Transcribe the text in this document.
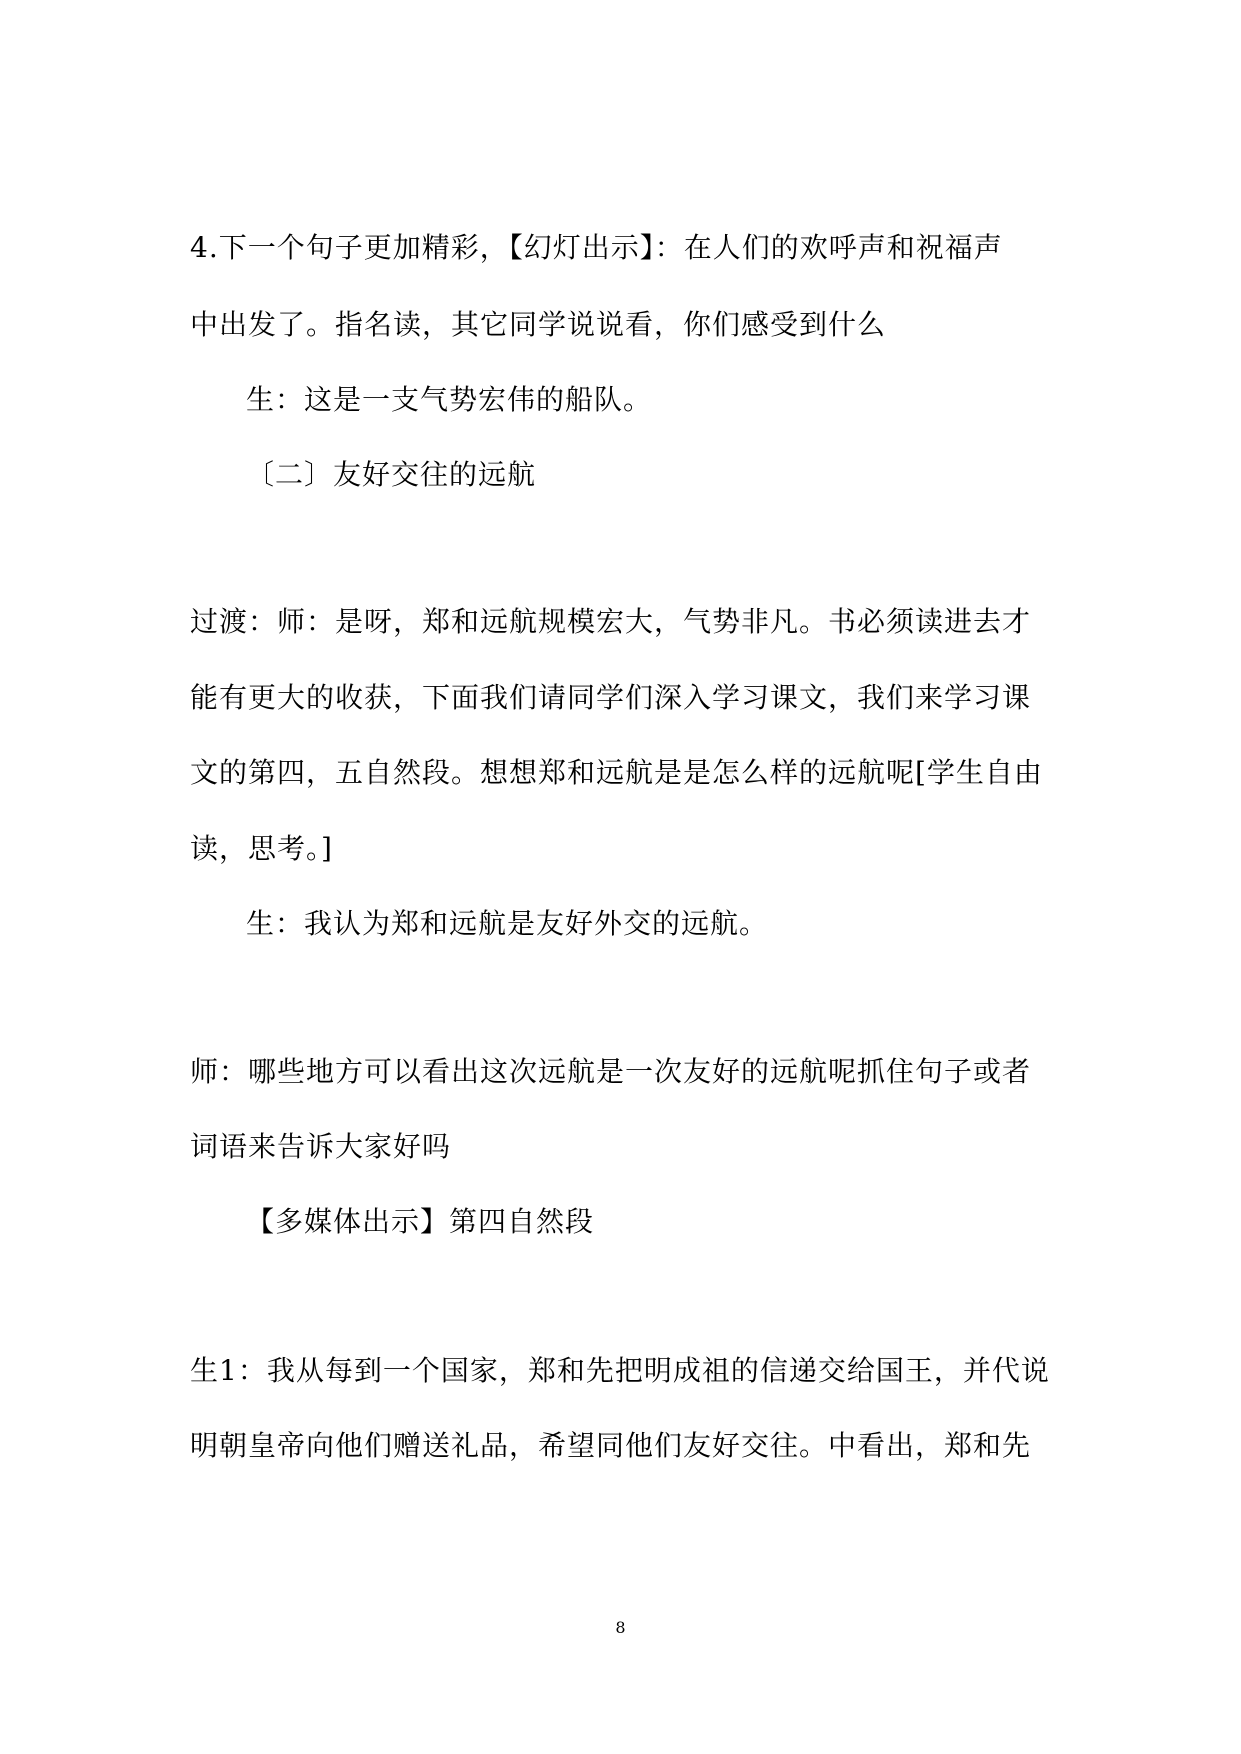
4.下一个句子更加精彩，【幻灯出示】：在人们的欢呼声和祝福声
中出发了。指名读，其它同学说说看，你们感受到什么
生：这是一支气势宏伟的船队。
〔二〕友好交往的远航
过渡：师：是呀，郑和远航规模宏大，气势非凡。书必须读进去才
能有更大的收获，下面我们请同学们深入学习课文，我们来学习课
文的第四，五自然段。想想郑和远航是是怎么样的远航呢[学生自由
读，思考。]
生：我认为郑和远航是友好外交的远航。
师：哪些地方可以看出这次远航是一次友好的远航呢抓住句子或者
词语来告诉大家好吗
【多媒体出示】第四自然段
生1：我从每到一个国家，郑和先把明成祖的信递交给国王，并代说
明朝皇帝向他们赠送礼品，希望同他们友好交往。中看出，郑和先
8
